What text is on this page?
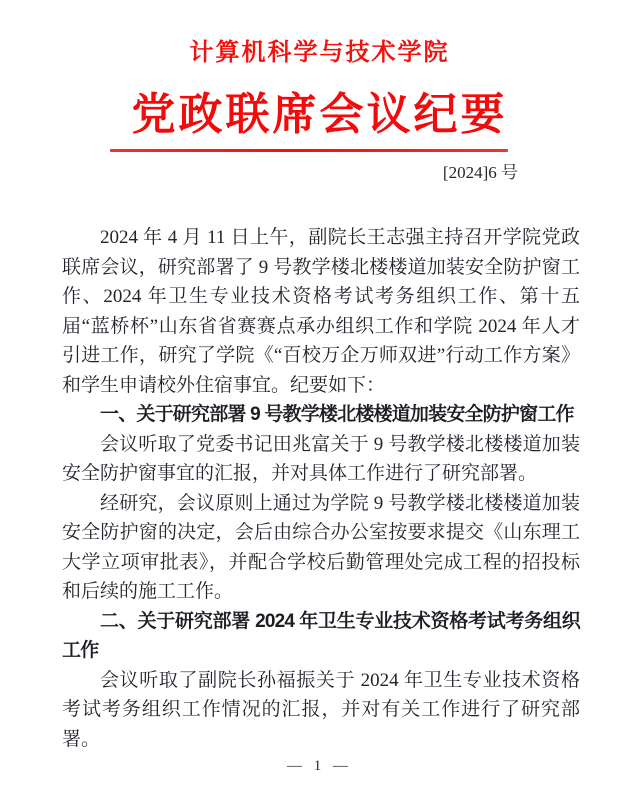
计算机科学与技术学院
党政联席会议纪要
[2024]6 号

2024 年 4 月 11 日上午，副院长王志强主持召开学院党政联席会议，研究部署了 9 号教学楼北楼楼道加装安全防护窗工作、2024 年卫生专业技术资格考试考务组织工作、第十五届“蓝桥杯”山东省省赛赛点承办组织工作和学院 2024 年人才引进工作，研究了学院《“百校万企万师双进”行动工作方案》和学生申请校外住宿事宜。纪要如下：

一、关于研究部署 9 号教学楼北楼楼道加装安全防护窗工作

会议听取了党委书记田兆富关于 9 号教学楼北楼楼道加装安全防护窗事宜的汇报，并对具体工作进行了研究部署。

经研究，会议原则上通过为学院 9 号教学楼北楼楼道加装安全防护窗的决定，会后由综合办公室按要求提交《山东理工大学立项审批表》，并配合学校后勤管理处完成工程的招投标和后续的施工工作。

二、关于研究部署 2024 年卫生专业技术资格考试考务组织工作

会议听取了副院长孙福振关于 2024 年卫生专业技术资格考试考务组织工作情况的汇报，并对有关工作进行了研究部署。

— 1 —
